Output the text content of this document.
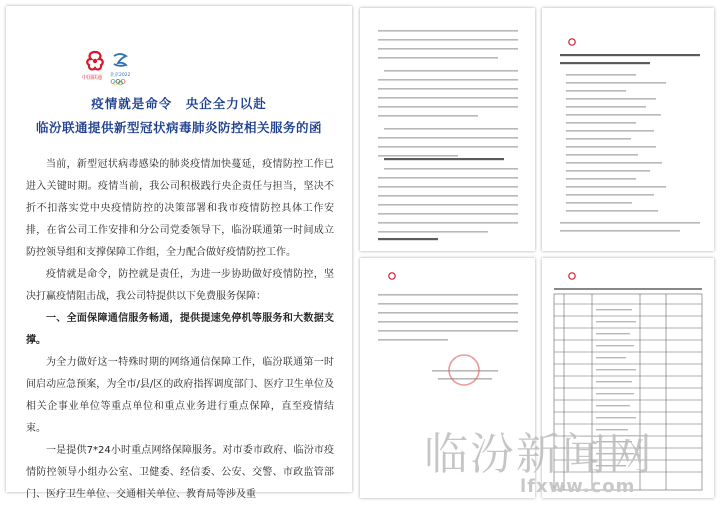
中国联通 北京2022
疫情就是命令　央企全力以赴
临汾联通提供新型冠状病毒肺炎防控相关服务的函

当前，新型冠状病毒感染的肺炎疫情加快蔓延，疫情防控工作已进入关键时期。疫情当前，我公司积极践行央企责任与担当，坚决不折不扣落实党中央疫情防控的决策部署和我市疫情防控具体工作安排，在省公司工作安排和分公司党委领导下，临汾联通第一时间成立防控领导组和支撑保障工作组，全力配合做好疫情防控工作。

疫情就是命令，防控就是责任，为进一步协助做好疫情防控，坚决打赢疫情阻击战，我公司特提供以下免费服务保障：

一、全面保障通信服务畅通，提供提速免停机等服务和大数据支撑。

为全力做好这一特殊时期的网络通信保障工作，临汾联通第一时间启动应急预案，为全市/县/区的政府指挥调度部门、医疗卫生单位及相关企事业单位等重点单位和重点业务进行重点保障，直至疫情结束。

一是提供7*24小时重点网络保障服务。对市委市政府、临汾市疫情防控领导小组办公室、卫健委、经信委、公安、交警、市政监管部门、医疗卫生单位、交通相关单位、教育局等涉及重

临汾新闻网
lfxww.com
